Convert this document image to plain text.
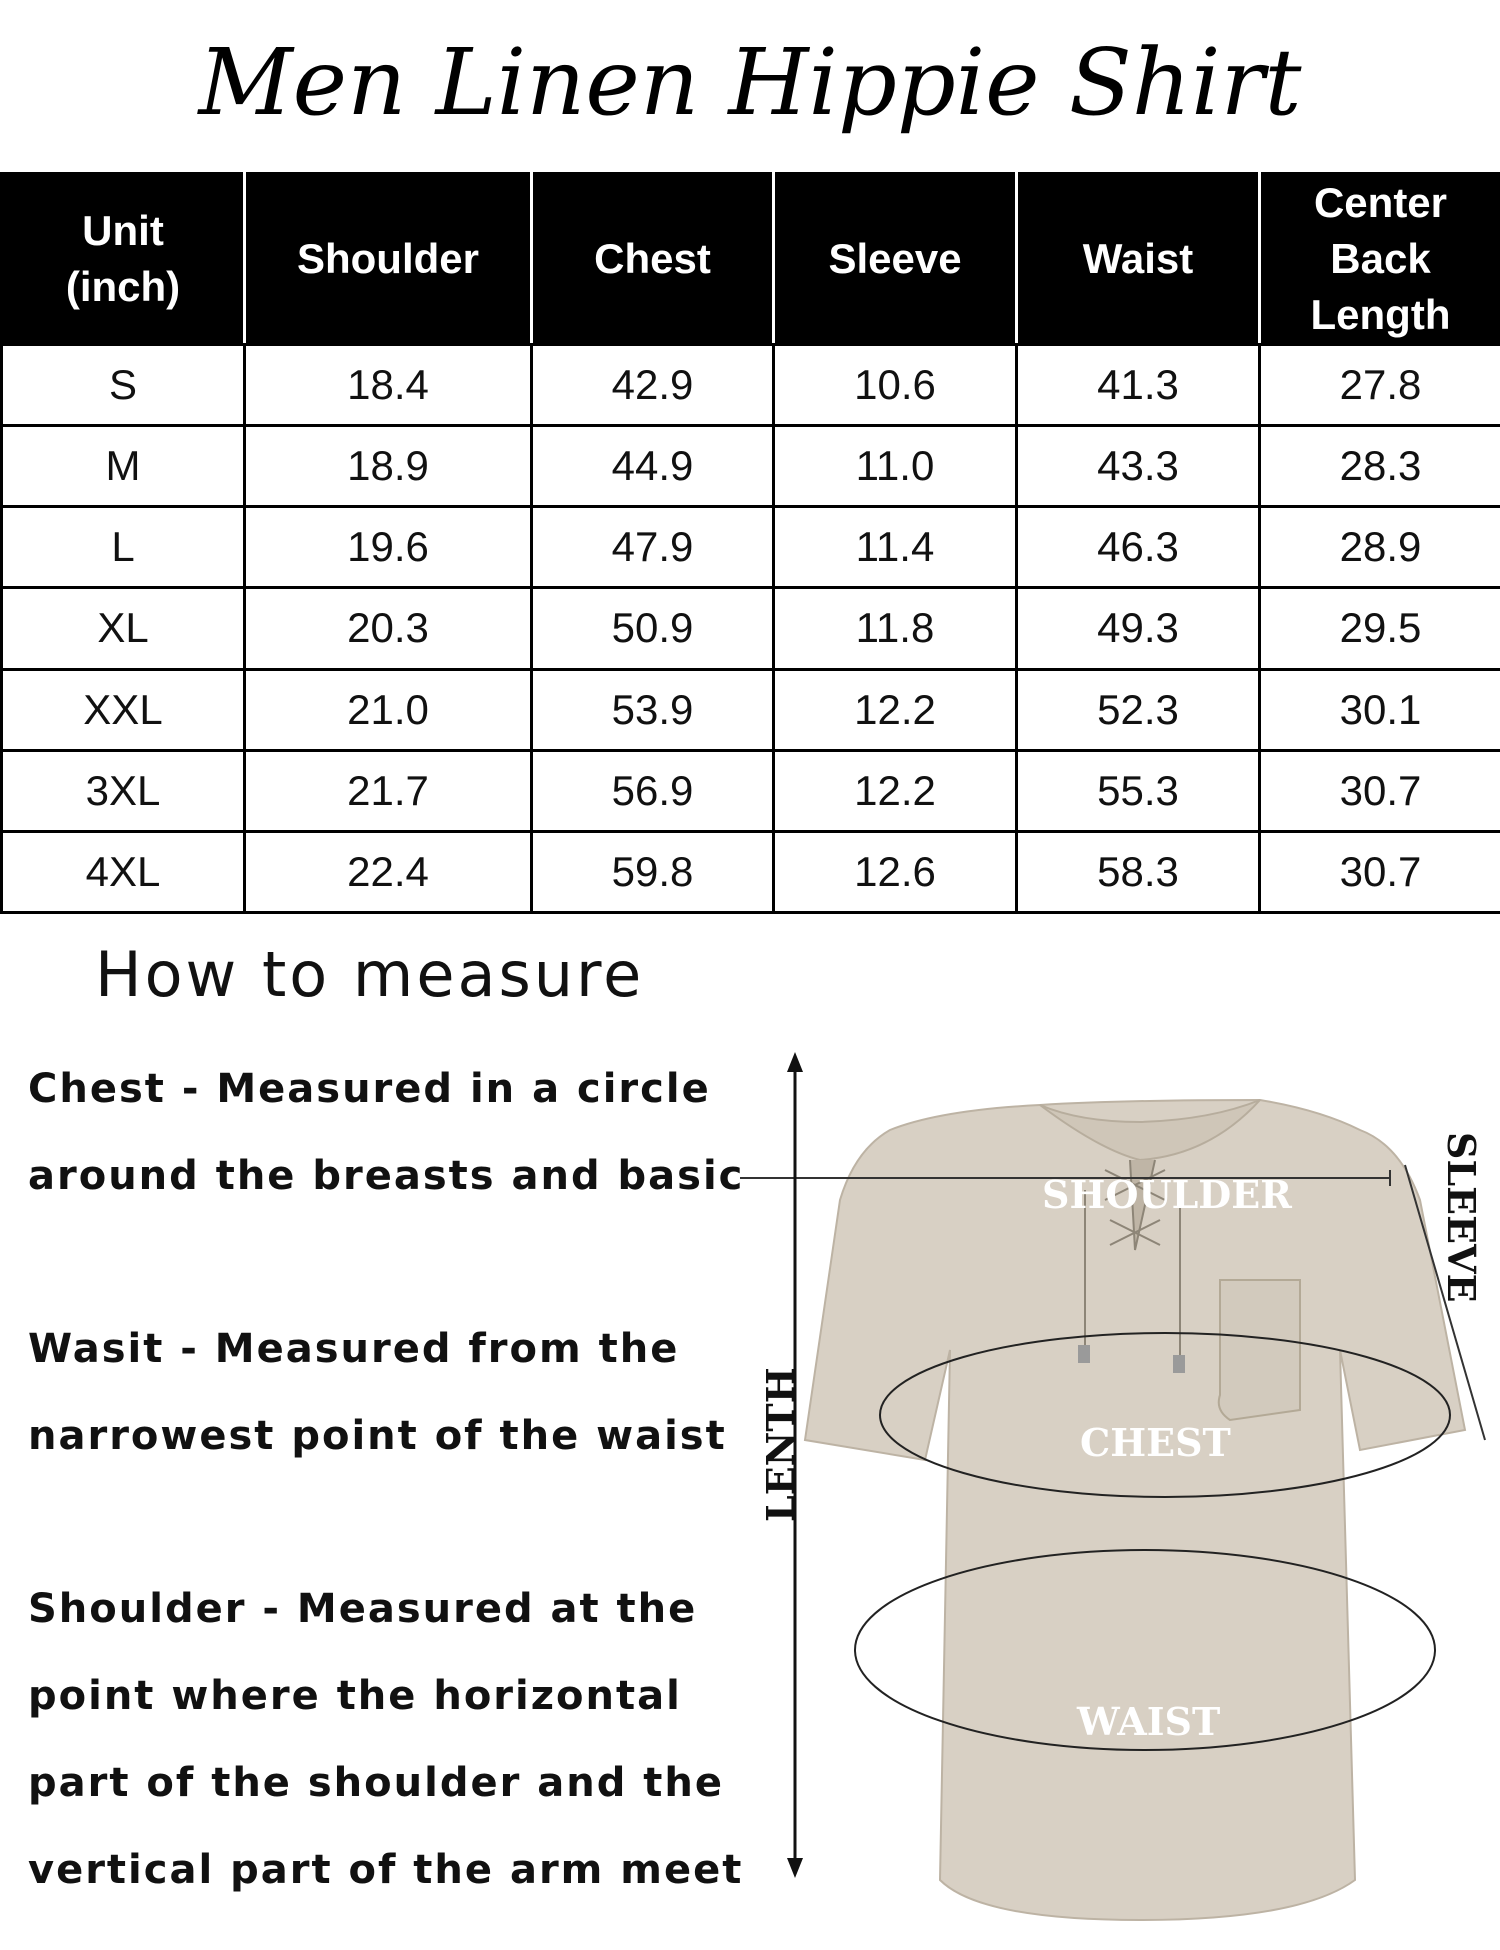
Men Linen Hippie Shirt
Unit
(inch)	Shoulder	Chest	Sleeve	Waist	Center
Back
Length
S	18.4	42.9	10.6	41.3	27.8
M	18.9	44.9	11.0	43.3	28.3
L	19.6	47.9	11.4	46.3	28.9
XL	20.3	50.9	11.8	49.3	29.5
XXL	21.0	53.9	12.2	52.3	30.1
3XL	21.7	56.9	12.2	55.3	30.7
4XL	22.4	59.8	12.6	58.3	30.7
How to measure
Chest - Measured in a circle
around the breasts and basic
Wasit - Measured from the
narrowest point of the waist
Shoulder - Measured at the
point where the horizontal
part of the shoulder and the
vertical part of the arm meet
SHOULDER
CHEST
WAIST
SLEEVE
LENTH
